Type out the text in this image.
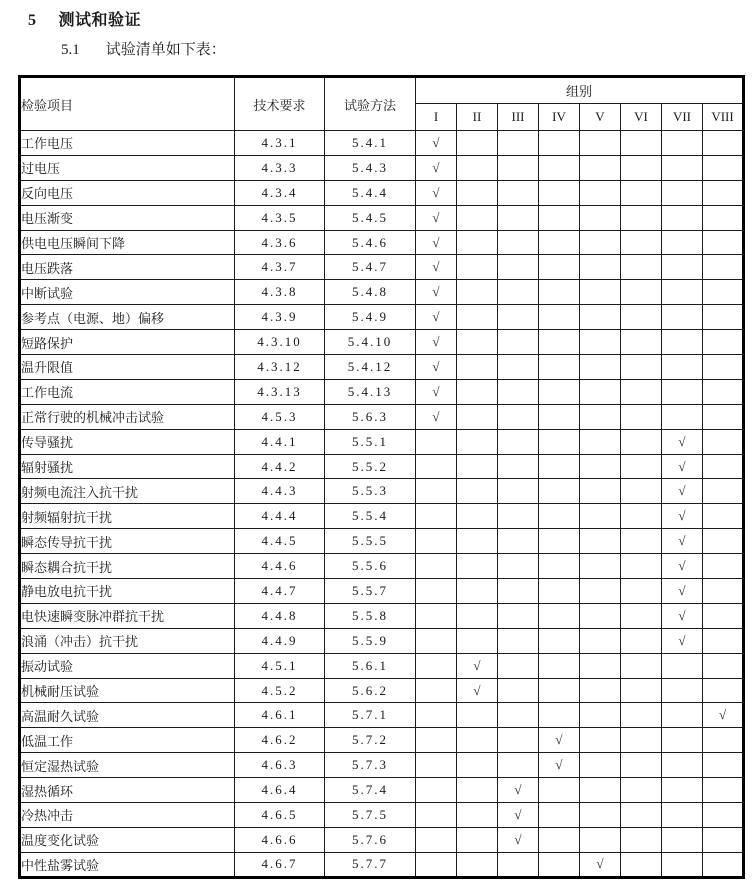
5 测试和验证
5.1 试验清单如下表：
检验项目	技术要求	试验方法	组别							
			I	II	III	IV	V	VI	VII	VIII
工作电压	4.3.1	5.4.1	√							
过电压	4.3.3	5.4.3	√							
反向电压	4.3.4	5.4.4	√							
电压渐变	4.3.5	5.4.5	√							
供电电压瞬间下降	4.3.6	5.4.6	√							
电压跌落	4.3.7	5.4.7	√							
中断试验	4.3.8	5.4.8	√							
参考点（电源、地）偏移	4.3.9	5.4.9	√							
短路保护	4.3.10	5.4.10	√							
温升限值	4.3.12	5.4.12	√							
工作电流	4.3.13	5.4.13	√							
正常行驶的机械冲击试验	4.5.3	5.6.3	√							
传导骚扰	4.4.1	5.5.1							√	
辐射骚扰	4.4.2	5.5.2							√	
射频电流注入抗干扰	4.4.3	5.5.3							√	
射频辐射抗干扰	4.4.4	5.5.4							√	
瞬态传导抗干扰	4.4.5	5.5.5							√	
瞬态耦合抗干扰	4.4.6	5.5.6							√	
静电放电抗干扰	4.4.7	5.5.7							√	
电快速瞬变脉冲群抗干扰	4.4.8	5.5.8							√	
浪涌（冲击）抗干扰	4.4.9	5.5.9							√	
振动试验	4.5.1	5.6.1		√						
机械耐压试验	4.5.2	5.6.2		√						
高温耐久试验	4.6.1	5.7.1								√
低温工作	4.6.2	5.7.2				√				
恒定湿热试验	4.6.3	5.7.3				√				
湿热循环	4.6.4	5.7.4			√					
冷热冲击	4.6.5	5.7.5			√					
温度变化试验	4.6.6	5.7.6			√					
中性盐雾试验	4.6.7	5.7.7					√			
